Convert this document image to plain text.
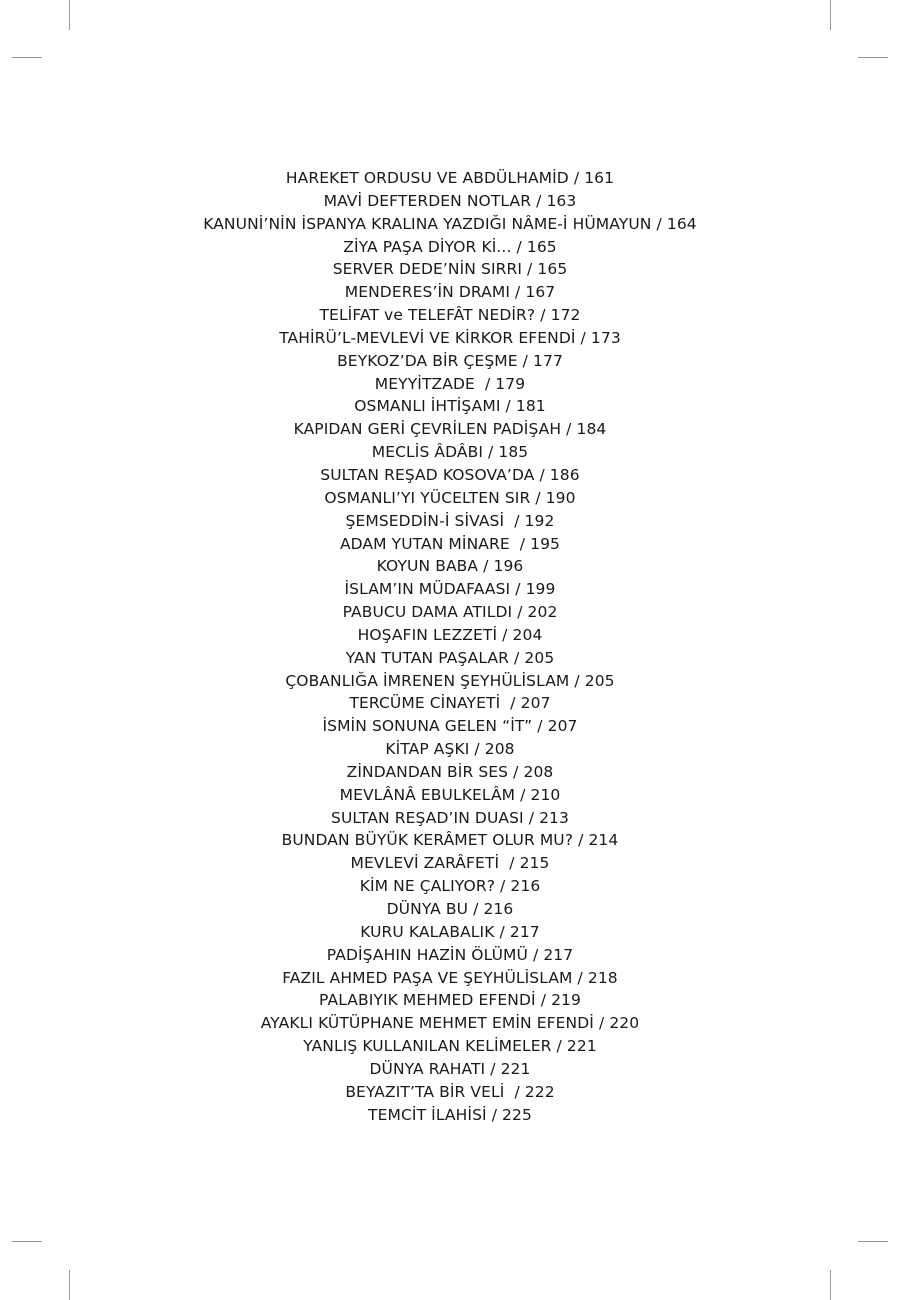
HAREKET ORDUSU VE ABDÜLHAMİD / 161
MAVİ DEFTERDEN NOTLAR / 163
KANUNİ’NİN İSPANYA KRALINA YAZDIĞI NÂME-İ HÜMAYUN / 164
ZİYA PAŞA DİYOR Kİ... / 165
SERVER DEDE’NİN SIRRI / 165
MENDERES’İN DRAMI / 167
TELİFAT ve TELEFÂT NEDİR? / 172
TAHİRÜ’L-MEVLEVİ VE KİRKOR EFENDİ / 173
BEYKOZ’DA BİR ÇEŞME / 177
MEYYİTZADE  / 179
OSMANLI İHTİŞAMI / 181
KAPIDAN GERİ ÇEVRİLEN PADİŞAH / 184
MECLİS ÂDÂBI / 185
SULTAN REŞAD KOSOVA’DA / 186
OSMANLI’YI YÜCELTEN SIR / 190
ŞEMSEDDİN-İ SİVASİ  / 192
ADAM YUTAN MİNARE  / 195
KOYUN BABA / 196
İSLAM’IN MÜDAFAASI / 199
PABUCU DAMA ATILDI / 202
HOŞAFIN LEZZETİ / 204
YAN TUTAN PAŞALAR / 205
ÇOBANLIĞA İMRENEN ŞEYHÜLİSLAM / 205
TERCÜME CİNAYETİ  / 207
İSMİN SONUNA GELEN “İT” / 207
KİTAP AŞKI / 208
ZİNDANDAN BİR SES / 208
MEVLÂNÂ EBULKELÂM / 210
SULTAN REŞAD’IN DUASI / 213
BUNDAN BÜYÜK KERÂMET OLUR MU? / 214
MEVLEVİ ZARÂFETİ  / 215
KİM NE ÇALIYOR? / 216
DÜNYA BU / 216
KURU KALABALIK / 217
PADİŞAHIN HAZİN ÖLÜMÜ / 217
FAZIL AHMED PAŞA VE ŞEYHÜLİSLAM / 218
PALABIYIK MEHMED EFENDİ / 219
AYAKLI KÜTÜPHANE MEHMET EMİN EFENDİ / 220
YANLIŞ KULLANILAN KELİMELER / 221
DÜNYA RAHATI / 221
BEYAZIT’TA BİR VELİ  / 222
TEMCİT İLAHİSİ / 225
